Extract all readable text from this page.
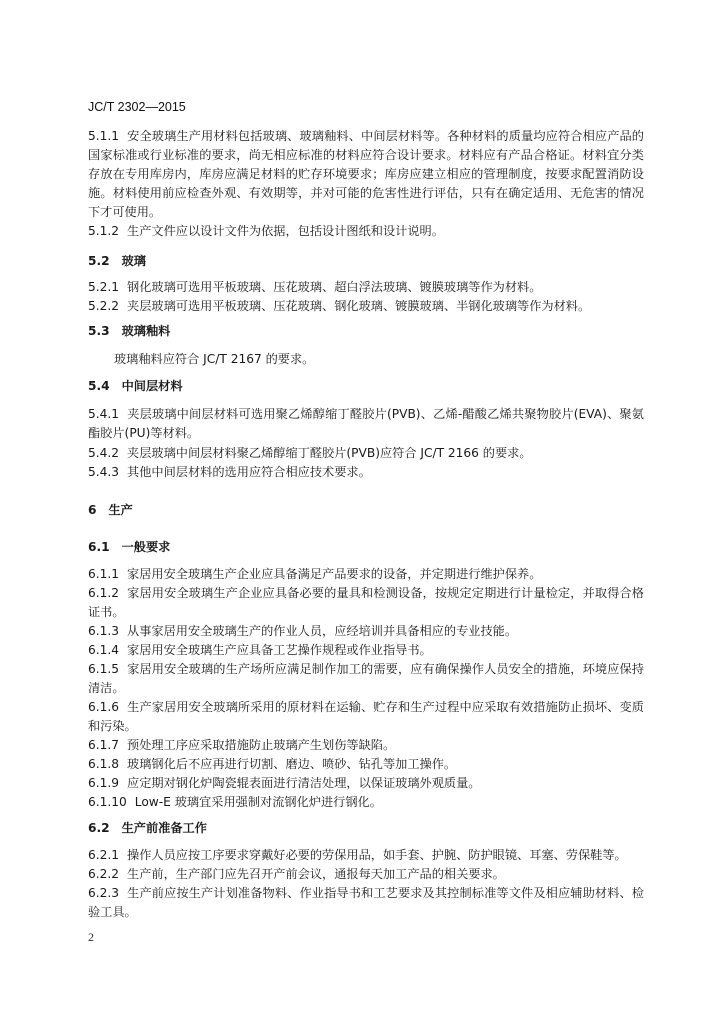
JC/T 2302—2015
5.1.1 安全玻璃生产用材料包括玻璃、玻璃釉料、中间层材料等。各种材料的质量均应符合相应产品的国家标准或行业标准的要求，尚无相应标准的材料应符合设计要求。材料应有产品合格证。材料宜分类存放在专用库房内，库房应满足材料的贮存环境要求；库房应建立相应的管理制度，按要求配置消防设施。材料使用前应检查外观、有效期等，并对可能的危害性进行评估，只有在确定适用、无危害的情况下才可使用。
5.1.2 生产文件应以设计文件为依据，包括设计图纸和设计说明。
5.2 玻璃
5.2.1 钢化玻璃可选用平板玻璃、压花玻璃、超白浮法玻璃、镀膜玻璃等作为材料。
5.2.2 夹层玻璃可选用平板玻璃、压花玻璃、钢化玻璃、镀膜玻璃、半钢化玻璃等作为材料。
5.3 玻璃釉料
玻璃釉料应符合 JC/T 2167 的要求。
5.4 中间层材料
5.4.1 夹层玻璃中间层材料可选用聚乙烯醇缩丁醛胶片(PVB)、乙烯-醋酸乙烯共聚物胶片(EVA)、聚氨酯胶片(PU)等材料。
5.4.2 夹层玻璃中间层材料聚乙烯醇缩丁醛胶片(PVB)应符合 JC/T 2166 的要求。
5.4.3 其他中间层材料的选用应符合相应技术要求。
6 生产
6.1 一般要求
6.1.1 家居用安全玻璃生产企业应具备满足产品要求的设备，并定期进行维护保养。
6.1.2 家居用安全玻璃生产企业应具备必要的量具和检测设备，按规定定期进行计量检定，并取得合格证书。
6.1.3 从事家居用安全玻璃生产的作业人员，应经培训并具备相应的专业技能。
6.1.4 家居用安全玻璃生产应具备工艺操作规程或作业指导书。
6.1.5 家居用安全玻璃的生产场所应满足制作加工的需要，应有确保操作人员安全的措施，环境应保持清洁。
6.1.6 生产家居用安全玻璃所采用的原材料在运输、贮存和生产过程中应采取有效措施防止损坏、变质和污染。
6.1.7 预处理工序应采取措施防止玻璃产生划伤等缺陷。
6.1.8 玻璃钢化后不应再进行切割、磨边、喷砂、钻孔等加工操作。
6.1.9 应定期对钢化炉陶瓷辊表面进行清洁处理，以保证玻璃外观质量。
6.1.10 Low-E 玻璃宜采用强制对流钢化炉进行钢化。
6.2 生产前准备工作
6.2.1 操作人员应按工序要求穿戴好必要的劳保用品，如手套、护腕、防护眼镜、耳塞、劳保鞋等。
6.2.2 生产前，生产部门应先召开产前会议，通报每天加工产品的相关要求。
6.2.3 生产前应按生产计划准备物料、作业指导书和工艺要求及其控制标准等文件及相应辅助材料、检验工具。
2
